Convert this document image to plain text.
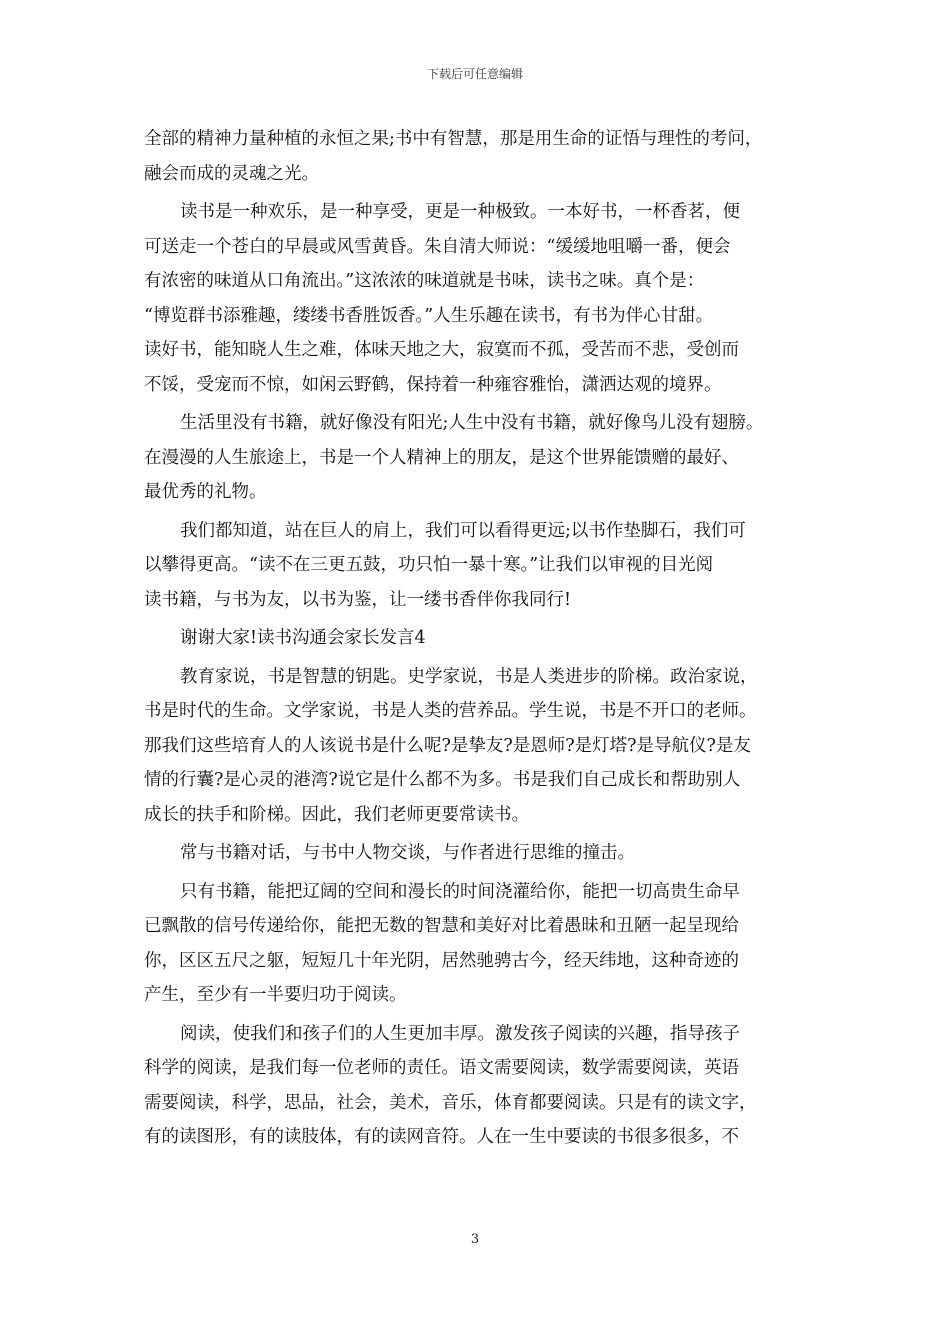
下载后可任意编辑

全部的精神力量种植的永恒之果;书中有智慧，那是用生命的证悟与理性的考问，
融会而成的灵魂之光。

读书是一种欢乐，是一种享受，更是一种极致。一本好书，一杯香茗，便
可送走一个苍白的早晨或风雪黄昏。朱自清大师说：“缓缓地咀嚼一番，便会
有浓密的味道从口角流出。”这浓浓的味道就是书味，读书之味。真个是：
“博览群书添雅趣，缕缕书香胜饭香。”人生乐趣在读书，有书为伴心甘甜。
读好书，能知晓人生之难，体味天地之大，寂寞而不孤，受苦而不悲，受创而
不馁，受宠而不惊，如闲云野鹤，保持着一种雍容雅怡，潇洒达观的境界。

生活里没有书籍，就好像没有阳光;人生中没有书籍，就好像鸟儿没有翅膀。
在漫漫的人生旅途上，书是一个人精神上的朋友，是这个世界能馈赠的最好、
最优秀的礼物。

我们都知道，站在巨人的肩上，我们可以看得更远;以书作垫脚石，我们可
以攀得更高。“读不在三更五鼓，功只怕一暴十寒。”让我们以审视的目光阅
读书籍，与书为友，以书为鉴，让一缕书香伴你我同行!

谢谢大家!读书沟通会家长发言4

教育家说，书是智慧的钥匙。史学家说，书是人类进步的阶梯。政治家说，
书是时代的生命。文学家说，书是人类的营养品。学生说，书是不开口的老师。
那我们这些培育人的人该说书是什么呢?是挚友?是恩师?是灯塔?是导航仪?是友
情的行囊?是心灵的港湾?说它是什么都不为多。书是我们自己成长和帮助别人
成长的扶手和阶梯。因此，我们老师更要常读书。

常与书籍对话，与书中人物交谈，与作者进行思维的撞击。

只有书籍，能把辽阔的空间和漫长的时间浇灌给你，能把一切高贵生命早
已飘散的信号传递给你，能把无数的智慧和美好对比着愚昧和丑陋一起呈现给
你，区区五尺之躯，短短几十年光阴，居然驰骋古今，经天纬地，这种奇迹的
产生，至少有一半要归功于阅读。

阅读，使我们和孩子们的人生更加丰厚。激发孩子阅读的兴趣，指导孩子
科学的阅读，是我们每一位老师的责任。语文需要阅读，数学需要阅读，英语
需要阅读，科学，思品，社会，美术，音乐，体育都要阅读。只是有的读文字，
有的读图形，有的读肢体，有的读网音符。人在一生中要读的书很多很多，不

3
